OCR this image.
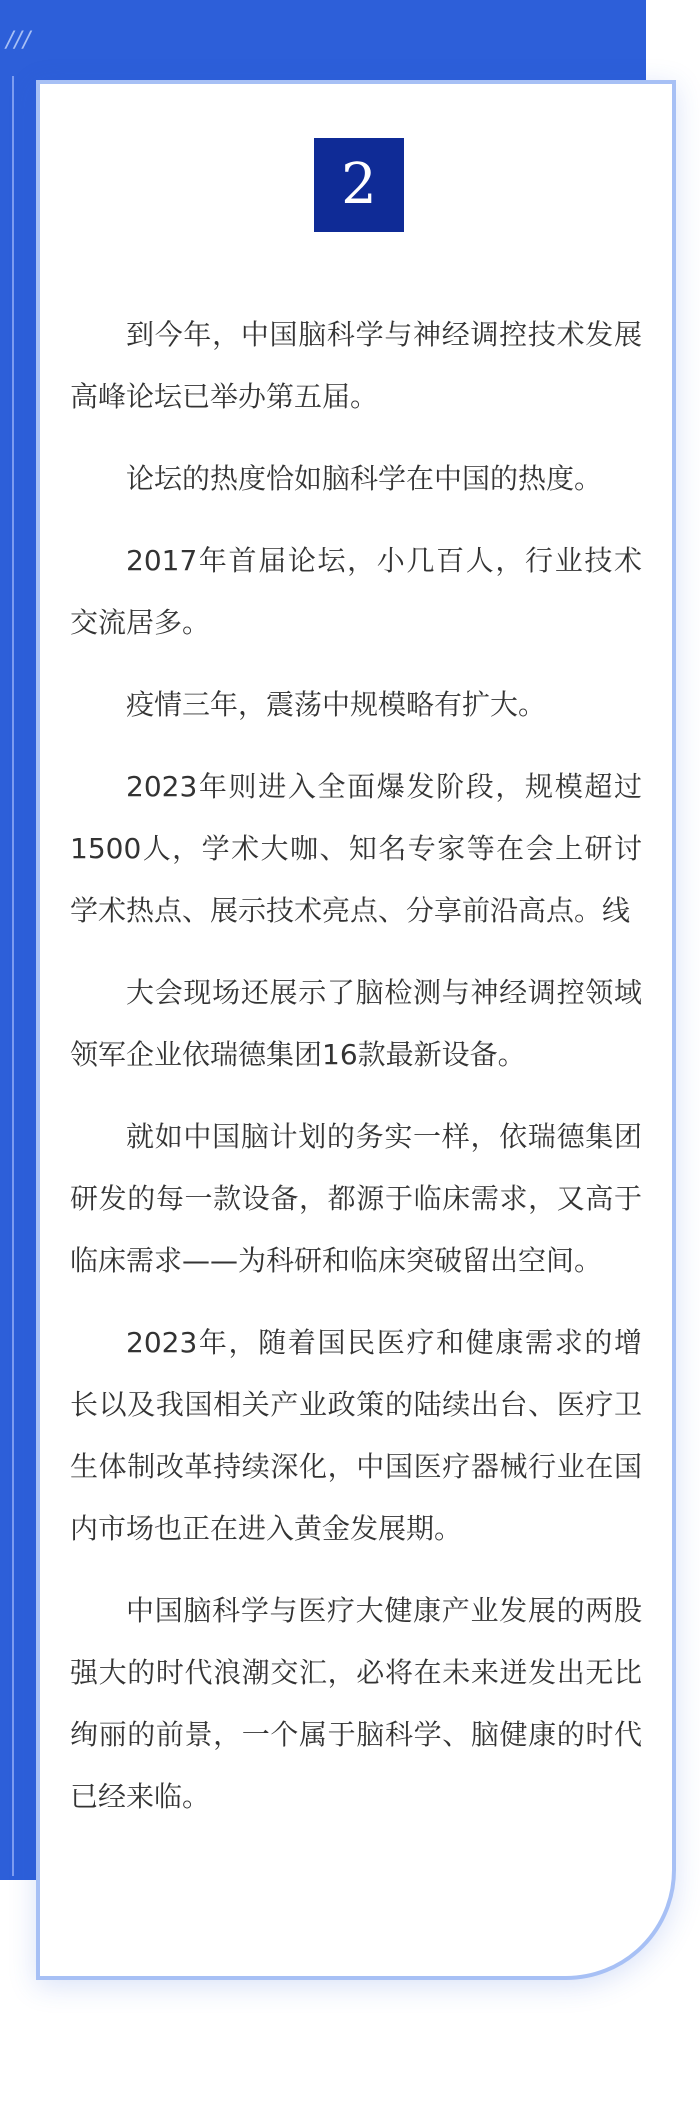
///
2

到今年，中国脑科学与神经调控技术发展高峰论坛已举办第五届。

论坛的热度恰如脑科学在中国的热度。

2017年首届论坛，小几百人，行业技术交流居多。

疫情三年，震荡中规模略有扩大。

2023年则进入全面爆发阶段，规模超过1500人，学术大咖、知名专家等在会上研讨学术热点、展示技术亮点、分享前沿高点。线

大会现场还展示了脑检测与神经调控领域领军企业依瑞德集团16款最新设备。

就如中国脑计划的务实一样，依瑞德集团研发的每一款设备，都源于临床需求，又高于临床需求——为科研和临床突破留出空间。

2023年，随着国民医疗和健康需求的增长以及我国相关产业政策的陆续出台、医疗卫生体制改革持续深化，中国医疗器械行业在国内市场也正在进入黄金发展期。

中国脑科学与医疗大健康产业发展的两股强大的时代浪潮交汇，必将在未来迸发出无比绚丽的前景，一个属于脑科学、脑健康的时代已经来临。
